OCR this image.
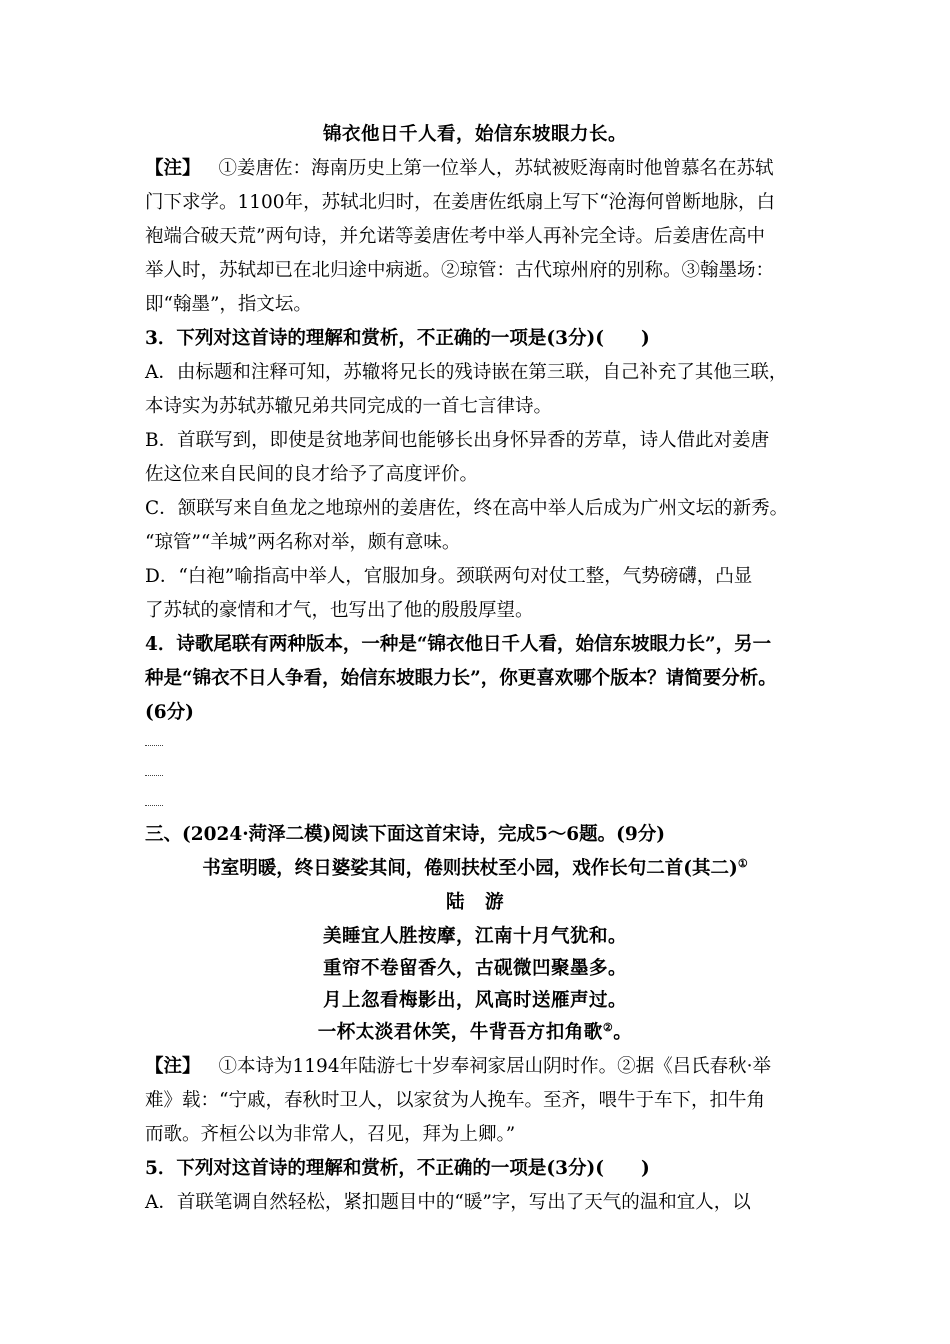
锦衣他日千人看，始信东坡眼力长。
【注】 ①姜唐佐：海南历史上第一位举人，苏轼被贬海南时他曾慕名在苏轼
门下求学。1100年，苏轼北归时，在姜唐佐纸扇上写下“沧海何曾断地脉，白
袍端合破天荒”两句诗，并允诺等姜唐佐考中举人再补完全诗。后姜唐佐高中
举人时，苏轼却已在北归途中病逝。②琼管：古代琼州府的别称。③翰墨场：
即“翰墨”，指文坛。
3．下列对这首诗的理解和赏析，不正确的一项是(3分)(　　)
A．由标题和注释可知，苏辙将兄长的残诗嵌在第三联，自己补充了其他三联，
本诗实为苏轼苏辙兄弟共同完成的一首七言律诗。
B．首联写到，即使是贫地茅间也能够长出身怀异香的芳草，诗人借此对姜唐
佐这位来自民间的良才给予了高度评价。
C．颔联写来自鱼龙之地琼州的姜唐佐，终在高中举人后成为广州文坛的新秀。
“琼管”“羊城”两名称对举，颇有意味。
D．“白袍”喻指高中举人，官服加身。颈联两句对仗工整，气势磅礴，凸显
了苏轼的豪情和才气，也写出了他的殷殷厚望。
4．诗歌尾联有两种版本，一种是“锦衣他日千人看，始信东坡眼力长”，另一
种是“锦衣不日人争看，始信东坡眼力长”，你更喜欢哪个版本？请简要分析。
(6分)
三、(2024·菏泽二模)阅读下面这首宋诗，完成5～6题。(9分)
书室明暖，终日婆娑其间，倦则扶杖至小园，戏作长句二首(其二)①
陆 游
美睡宜人胜按摩，江南十月气犹和。
重帘不卷留香久，古砚微凹聚墨多。
月上忽看梅影出，风高时送雁声过。
一杯太淡君休笑，牛背吾方扣角歌②。
【注】 ①本诗为1194年陆游七十岁奉祠家居山阴时作。②据《吕氏春秋·举
难》载：“宁戚，春秋时卫人，以家贫为人挽车。至齐，喂牛于车下，扣牛角
而歌。齐桓公以为非常人，召见，拜为上卿。”
5．下列对这首诗的理解和赏析，不正确的一项是(3分)(　　)
A．首联笔调自然轻松，紧扣题目中的“暖”字，写出了天气的温和宜人，以
